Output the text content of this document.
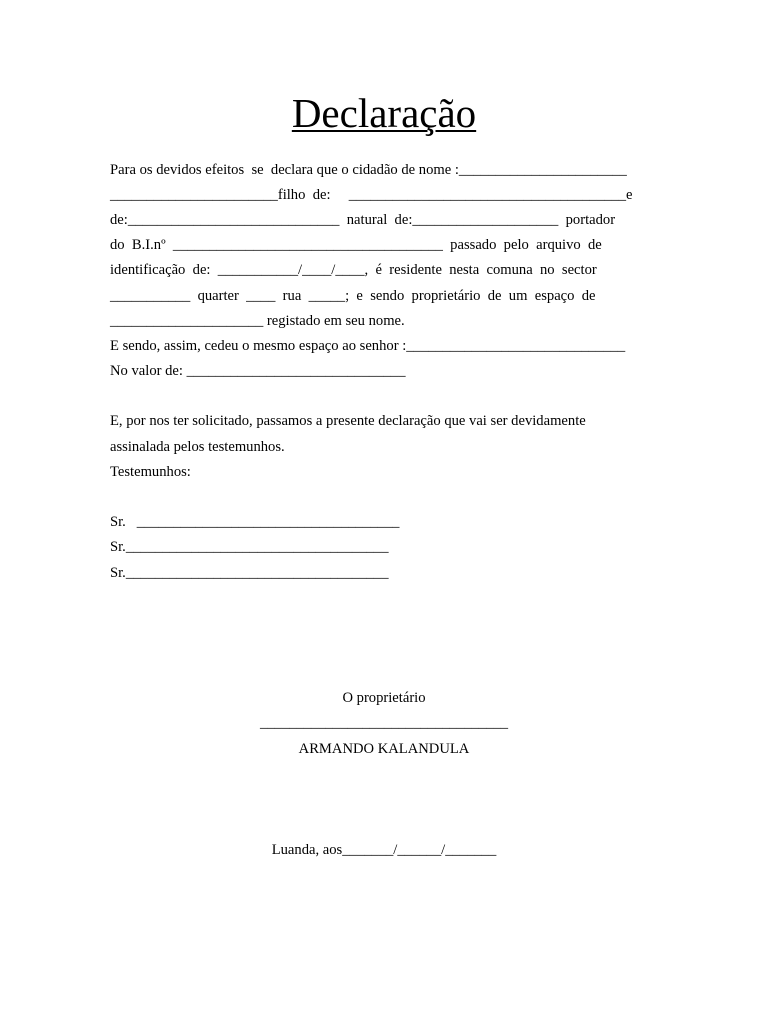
Declaração
Para os devidos efeitos  se  declara que o cidadão de nome :_______________________
_______________________filho  de:     ______________________________________e
de:_____________________________  natural  de:____________________  portador
do  B.I.nº  _____________________________________  passado  pelo  arquivo  de
identificação  de:  ___________/____/____,  é  residente  nesta  comuna  no  sector
___________  quarter  ____  rua  _____;  e  sendo  proprietário  de  um  espaço  de
_____________________ registado em seu nome.
E sendo, assim, cedeu o mesmo espaço ao senhor :______________________________
No valor de: ______________________________
E, por nos ter solicitado, passamos a presente declaração que vai ser devidamente
assinalada pelos testemunhos.
Testemunhos:
Sr.   ____________________________________
Sr.____________________________________
Sr.____________________________________
O proprietário
__________________________________
ARMANDO KALANDULA
Luanda, aos_______/______/_______
